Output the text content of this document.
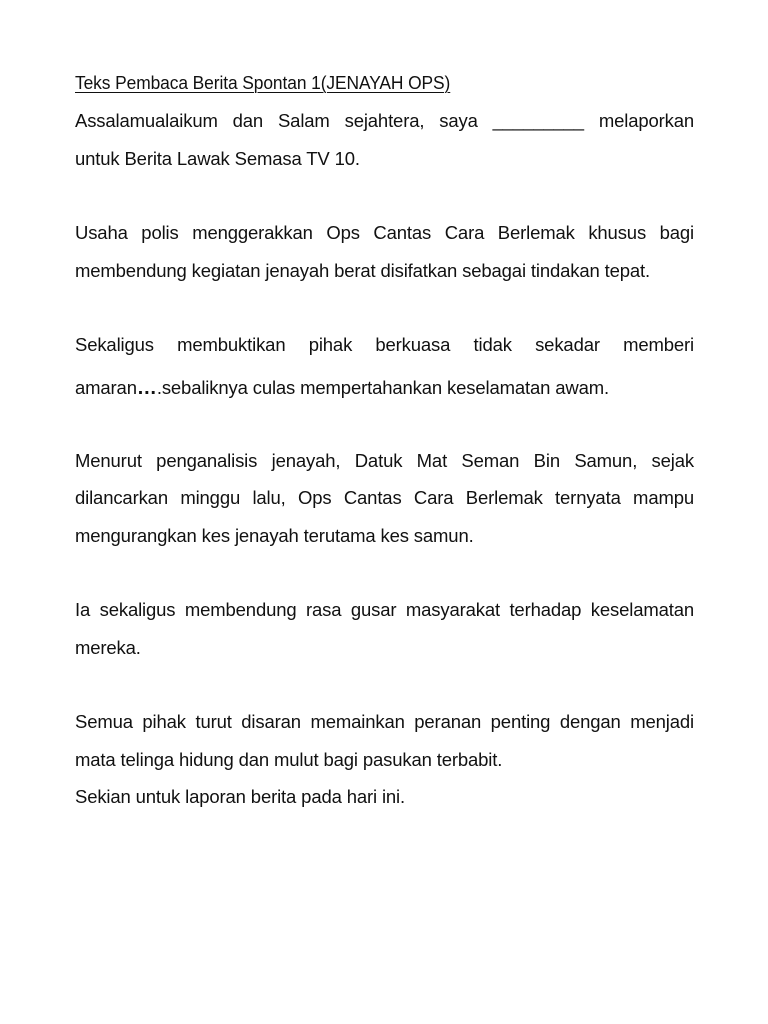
Teks Pembaca Berita Spontan 1(JENAYAH OPS)
Assalamualaikum dan Salam sejahtera, saya _________ melaporkan
untuk Berita Lawak Semasa TV 10.
Usaha polis menggerakkan Ops Cantas Cara Berlemak khusus bagi
membendung kegiatan jenayah berat disifatkan sebagai tindakan tepat.
Sekaligus membuktikan pihak berkuasa tidak sekadar memberi
amaran….sebaliknya culas mempertahankan keselamatan awam.
Menurut penganalisis jenayah, Datuk Mat Seman Bin Samun, sejak
dilancarkan minggu lalu, Ops Cantas Cara Berlemak ternyata mampu
mengurangkan kes jenayah terutama kes samun.
Ia sekaligus membendung rasa gusar masyarakat terhadap keselamatan
mereka.
Semua pihak turut disaran memainkan peranan penting dengan menjadi
mata telinga hidung dan mulut bagi pasukan terbabit.
Sekian untuk laporan berita pada hari ini.
